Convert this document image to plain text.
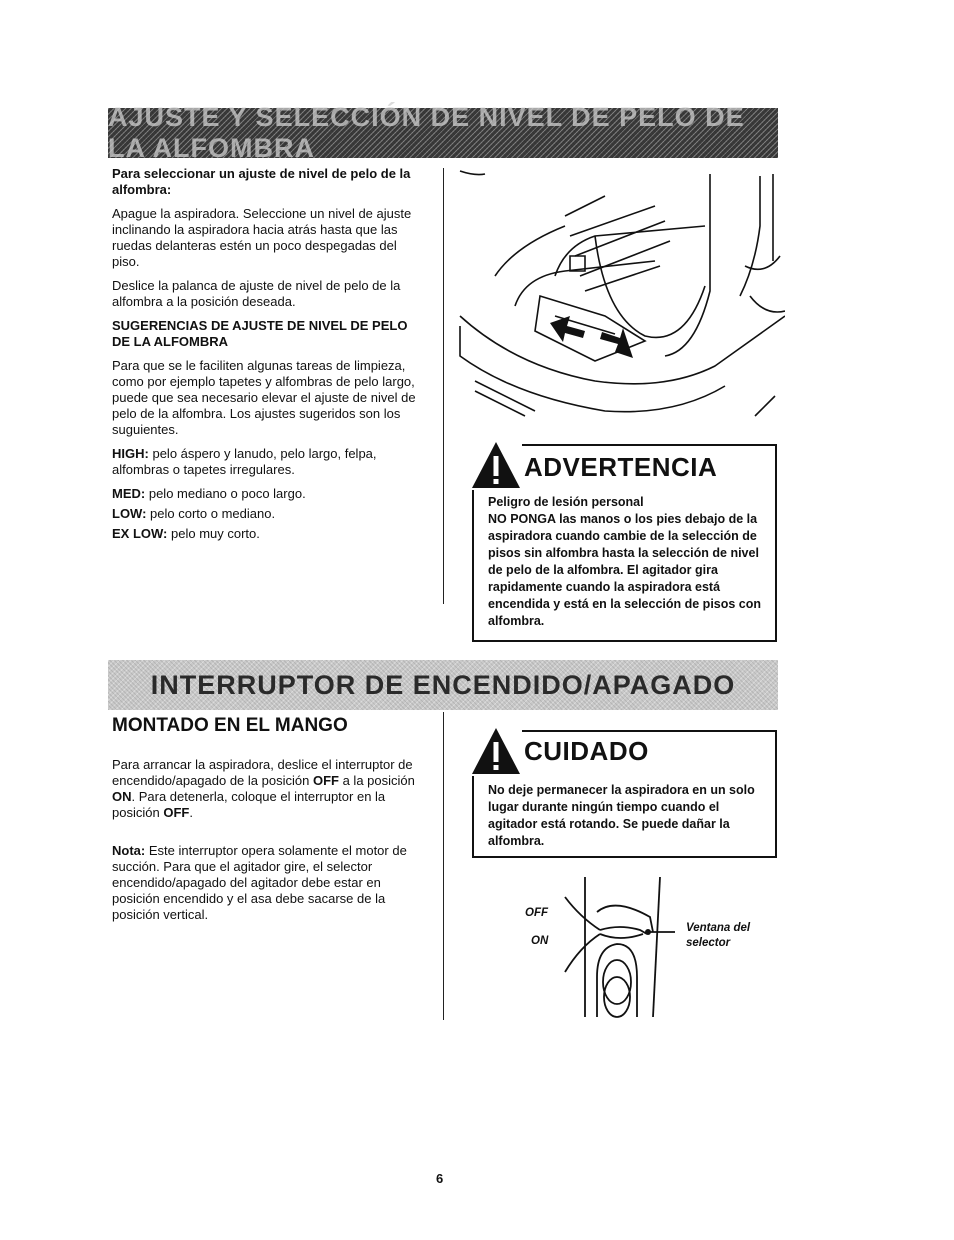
AJUSTE Y SELECCIÓN DE NIVEL DE PELO DE LA ALFOMBRA

Para seleccionar un ajuste de nivel de pelo de la alfombra:

Apague la aspiradora. Seleccione un nivel de ajuste inclinando la aspiradora hacia atrás hasta que las ruedas delanteras estén un poco despegadas del piso.

Deslice la palanca de ajuste de nivel de pelo de la alfombra a la posición deseada.

SUGERENCIAS DE AJUSTE DE NIVEL DE PELO DE LA ALFOMBRA

Para que se le faciliten algunas tareas de limpieza, como por ejemplo tapetes y alfombras de pelo largo, puede que sea necesario elevar el ajuste de nivel de pelo de la alfombra. Los ajustes sugeridos son los suguientes.

HIGH: pelo áspero y lanudo, pelo largo, felpa, alfombras o tapetes irregulares.

MED: pelo mediano o poco largo.

LOW: pelo corto o mediano.

EX LOW: pelo muy corto.

ADVERTENCIA
Peligro de lesión personal
NO PONGA las manos o los pies debajo de la aspiradora cuando cambie de la selección de pisos sin alfombra hasta la selección de nivel de pelo de la alfombra. El agitador gira rapidamente cuando la aspiradora está encendida y está en la selección de pisos con alfombra.
INTERRUPTOR DE ENCENDIDO/APAGADO
MONTADO EN EL MANGO

Para arrancar la aspiradora, deslice el interruptor de encendido/apagado de la posición OFF a la posición ON. Para detenerla, coloque el interruptor en la posición OFF.

Nota: Este interruptor opera solamente el motor de succión. Para que el agitador gire, el selector encendido/apagado del agitador debe estar en posición encendido y el asa debe sacarse de la posición vertical.

CUIDADO
No deje permanecer la aspiradora en un solo lugar durante ningún tiempo cuando el agitador está rotando. Se puede dañar la alfombra.
OFF
ON
Ventana del
selector
6
